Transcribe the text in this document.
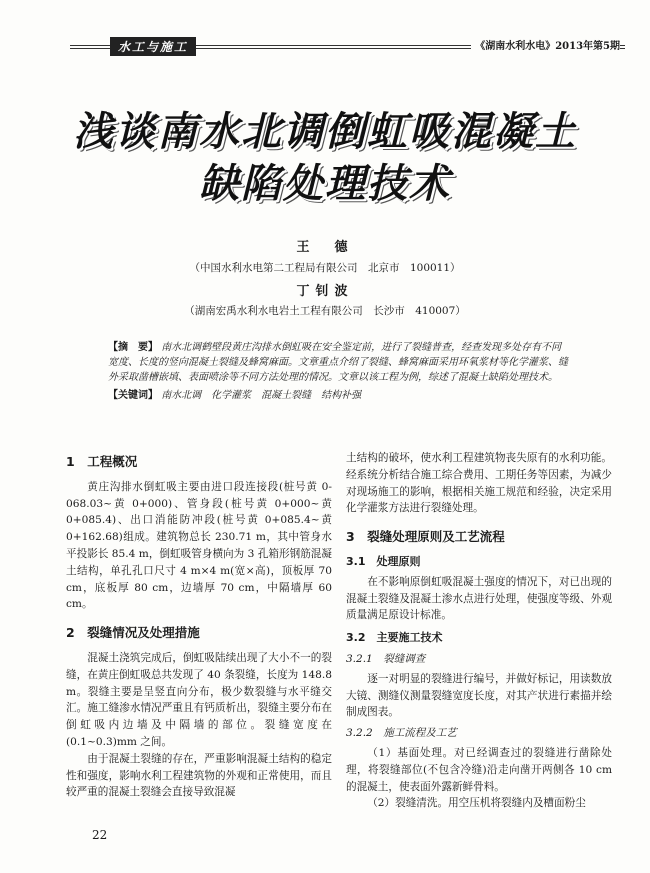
水工与施工	《湖南水利水电》2013年第5期
浅谈南水北调倒虹吸混凝土
缺陷处理技术
王　德
（中国水利水电第二工程局有限公司　北京市　100011）
丁钊波
（湖南宏禹水利水电岩土工程有限公司　长沙市　410007）

【摘　要】 南水北调鹤壁段黄庄沟排水倒虹吸在安全鉴定前，进行了裂缝普查，经查发现多处存有不同宽度、长度的竖向混凝土裂缝及蜂窝麻面。文章重点介绍了裂缝、蜂窝麻面采用环氧浆材等化学灌浆、缝外采取凿槽嵌填、表面喷涂等不同方法处理的情况。文章以该工程为例，综述了混凝土缺陷处理技术。

【关键词】 南水北调　化学灌浆　混凝土裂缝　结构补强

1　工程概况

黄庄沟排水倒虹吸主要由进口段连接段(桩号黄 0-068.03~黄 0+000)、管身段(桩号黄 0+000~黄 0+085.4)、出口消能防冲段(桩号黄 0+085.4~黄 0+162.68)组成。建筑物总长 230.71 m，其中管身水平投影长 85.4 m，倒虹吸管身横向为 3 孔箱形钢筋混凝土结构，单孔孔口尺寸 4 m×4 m(宽×高)，顶板厚 70 cm，底板厚 80 cm，边墙厚 70 cm，中隔墙厚 60 cm。

2　裂缝情况及处理措施

混凝土浇筑完成后，倒虹吸陆续出现了大小不一的裂缝，在黄庄倒虹吸总共发现了 40 条裂缝，长度为 148.8 m。裂缝主要是呈竖直向分布，极少数裂缝与水平缝交汇。施工缝渗水情况严重且有钙质析出，裂缝主要分布在倒虹吸内边墙及中隔墙的部位。裂缝宽度在(0.1~0.3)mm 之间。

由于混凝土裂缝的存在，严重影响混凝土结构的稳定性和强度，影响水利工程建筑物的外观和正常使用，而且较严重的混凝土裂缝会直接导致混凝

土结构的破坏，使水利工程建筑物丧失原有的水利功能。经系统分析结合施工综合费用、工期任务等因素，为减少对现场施工的影响，根据相关施工规范和经验，决定采用化学灌浆方法进行裂缝处理。

3　裂缝处理原则及工艺流程
3.1　处理原则

在不影响原倒虹吸混凝土强度的情况下，对已出现的混凝土裂缝及混凝土渗水点进行处理，使强度等级、外观质量满足原设计标准。

3.2　主要施工技术
3.2.1　裂缝调查

逐一对明显的裂缝进行编号，并做好标记，用读数放大镜、测缝仪测量裂缝宽度长度，对其产状进行素描并绘制成图表。

3.2.2　施工流程及工艺

（1）基面处理。对已经调查过的裂缝进行凿除处理，将裂缝部位(不包含冷缝)沿走向凿开两侧各 10 cm 的混凝土，使表面外露新鲜骨料。

（2）裂缝清洗。用空压机将裂缝内及槽面粉尘

22
